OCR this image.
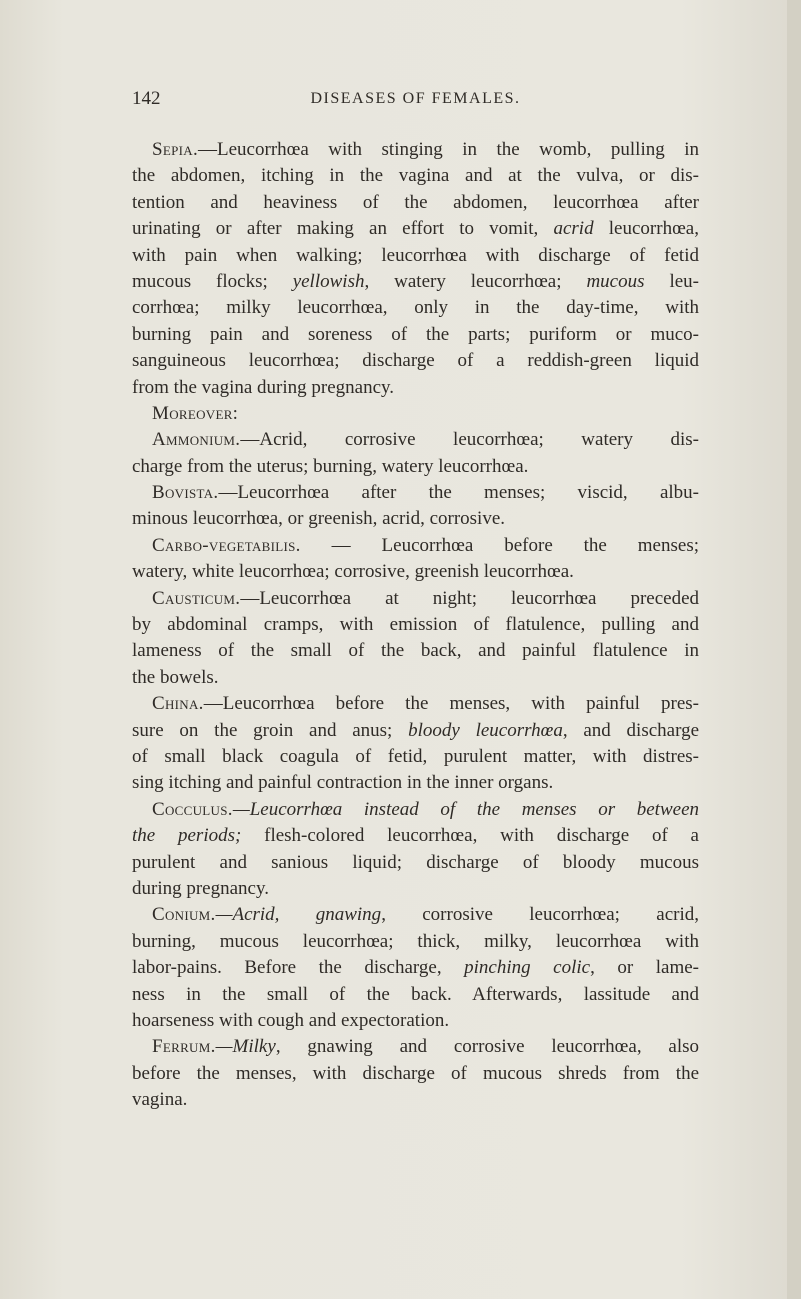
142	DISEASES OF FEMALES.
Sepia.—Leucorrhœa with stinging in the womb, pulling in
the abdomen, itching in the vagina and at the vulva, or dis-
tention and heaviness of the abdomen, leucorrhœa after
urinating or after making an effort to vomit, acrid leucorrhœa,
with pain when walking; leucorrhœa with discharge of fetid
mucous flocks; yellowish, watery leucorrhœa; mucous leu-
corrhœa; milky leucorrhœa, only in the day-time, with
burning pain and soreness of the parts; puriform or muco-
sanguineous leucorrhœa; discharge of a reddish-green liquid
from the vagina during pregnancy.
Moreover:
Ammonium.—Acrid, corrosive leucorrhœa; watery dis-
charge from the uterus; burning, watery leucorrhœa.
Bovista.—Leucorrhœa after the menses; viscid, albu-
minous leucorrhœa, or greenish, acrid, corrosive.
Carbo-vegetabilis. — Leucorrhœa before the menses;
watery, white leucorrhœa; corrosive, greenish leucorrhœa.
Causticum.—Leucorrhœa at night; leucorrhœa preceded
by abdominal cramps, with emission of flatulence, pulling and
lameness of the small of the back, and painful flatulence in
the bowels.
China.—Leucorrhœa before the menses, with painful pres-
sure on the groin and anus; bloody leucorrhœa, and discharge
of small black coagula of fetid, purulent matter, with distres-
sing itching and painful contraction in the inner organs.
Cocculus.—Leucorrhœa instead of the menses or between
the periods; flesh-colored leucorrhœa, with discharge of a
purulent and sanious liquid; discharge of bloody mucous
during pregnancy.
Conium.—Acrid, gnawing, corrosive leucorrhœa; acrid,
burning, mucous leucorrhœa; thick, milky, leucorrhœa with
labor-pains. Before the discharge, pinching colic, or lame-
ness in the small of the back. Afterwards, lassitude and
hoarseness with cough and expectoration.
Ferrum.—Milky, gnawing and corrosive leucorrhœa, also
before the menses, with discharge of mucous shreds from the
vagina.
